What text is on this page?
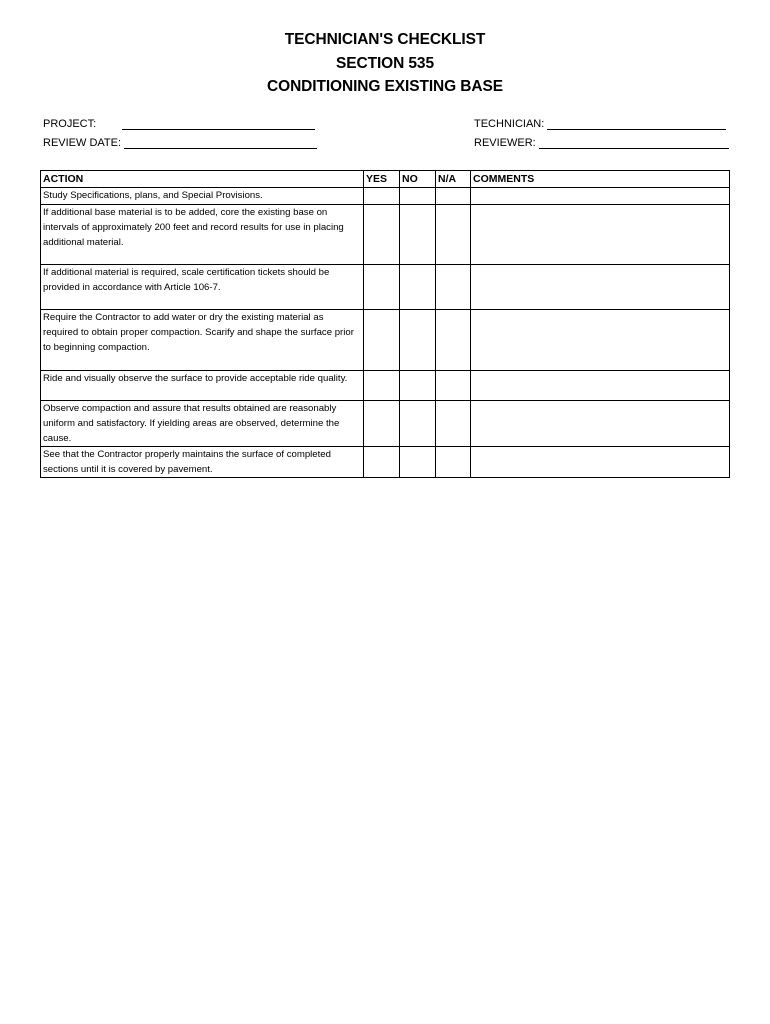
TECHNICIAN'S CHECKLIST
SECTION 535
CONDITIONING EXISTING BASE
PROJECT:
REVIEW DATE:
TECHNICIAN:
REVIEWER:
ACTION	YES	NO	N/A	COMMENTS
Study Specifications, plans, and Special Provisions.				
If additional base material is to be added, core the existing base on intervals of approximately 200 feet and record results for use in placing additional material.				
If additional material is required, scale certification tickets should be provided in accordance with Article 106-7.				
Require the Contractor to add water or dry the existing material as required to obtain proper compaction. Scarify and shape the surface prior to beginning compaction.				
Ride and visually observe the surface to provide acceptable ride quality.				
Observe compaction and assure that results obtained are reasonably uniform and satisfactory. If yielding areas are observed, determine the cause.				
See that the Contractor properly maintains the surface of completed sections until it is covered by pavement.				
